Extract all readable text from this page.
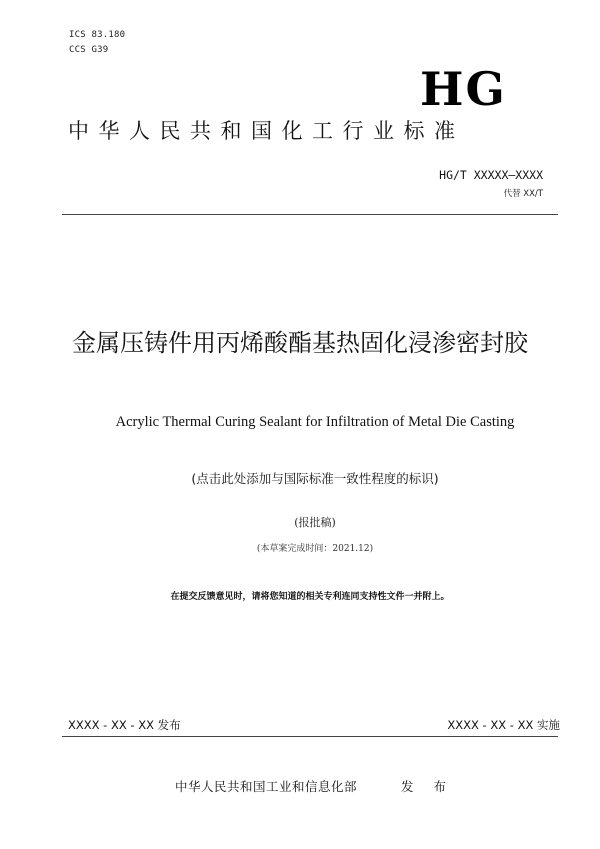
ICS 83.180
CCS G39
HG
中华人民共和国化工行业标准
HG/T XXXXX—XXXX
代替 XX/T
金属压铸件用丙烯酸酯基热固化浸渗密封胶
Acrylic Thermal Curing Sealant for Infiltration of Metal Die Casting
(点击此处添加与国际标准一致性程度的标识)
(报批稿)
(本草案完成时间：2021.12)
在提交反馈意见时，请将您知道的相关专利连同支持性文件一并附上。
XXXX - XX - XX 发布	XXXX - XX - XX 实施
中华人民共和国工业和信息化部	发 布
